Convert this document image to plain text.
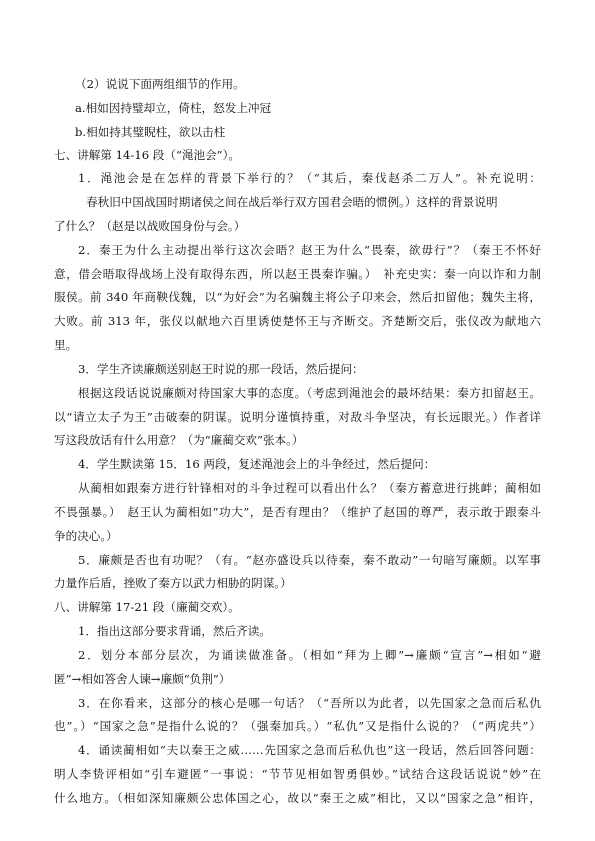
（2）说说下面两组细节的作用。
a.相如因持璧却立，倚柱，怒发上冲冠
b.相如持其璧睨柱，欲以击柱
七、讲解第 14-16 段（“渑池会”）。
1．渑池会是在怎样的背景下举行的？（“其后，秦伐赵杀二万人”。补充说明：
春秋旧中国战国时期诸侯之间在战后举行双方国君会晤的惯例。）这样的背景说明
了什么？（赵是以战败国身份与会。）
2．秦王为什么主动提出举行这次会晤？赵王为什么“畏秦，欲毋行”？（秦王不怀好
意，借会晤取得战场上没有取得东西，所以赵王畏秦诈骗。）　补充史实：秦一向以诈和力制
服侯。前 340 年商鞅伐魏，以“为好会”为名骗魏主将公子卬来会，然后扣留他；魏失主将，
大败。前 313 年，张仪以献地六百里诱使楚怀王与齐断交。齐楚断交后，张仪改为献地六
里。
3．学生齐读廉颇送别赵王时说的那一段话，然后提问：
根据这段话说说廉颇对待国家大事的态度。（考虑到渑池会的最坏结果：秦方扣留赵王。
以“请立太子为王”击破秦的阴谋。说明分谨慎持重，对敌斗争坚决，有长远眼光。）作者详
写这段放话有什么用意？（为“廉蔺交欢”张本。）
4．学生默读第 15．16 两段，复述渑池会上的斗争经过，然后提问：
从蔺相如跟秦方进行针锋相对的斗争过程可以看出什么？（秦方蓄意进行挑衅；蔺相如
不畏强暴。）　赵王认为蔺相如“功大”，是否有理由？（维护了赵国的尊严，表示敢于跟秦斗
争的决心。）
5．廉颇是否也有功呢？（有。“赵亦盛设兵以待秦，秦不敢动”一句暗写廉颇。以军事
力量作后盾，挫败了秦方以武力相胁的阴谋。）
八、讲解第 17-21 段（廉蔺交欢）。
1．指出这部分要求背诵，然后齐读。
2．划分本部分层次，为诵读做准备。（相如“拜为上卿”→廉颇“宣言”→相如“避
匿”→相如答舍人谏→廉颇“负荆”）
3．在你看来，这部分的核心是哪一句话？（“吾所以为此者，以先国家之急而后私仇
也”。）“国家之急”是指什么说的？（强秦加兵。）“私仇”又是指什么说的？（“两虎共”）
4．诵读蔺相如“夫以秦王之威……先国家之急而后私仇也”这一段话，然后回答问题：
明人李贽评相如“引车避匿”一事说：“节节见相如智勇俱妙。”试结合这段话说说“妙”在
什么地方。（相如深知廉颇公忠体国之心，故以“秦王之威”相比，又以“国家之急”相许，
